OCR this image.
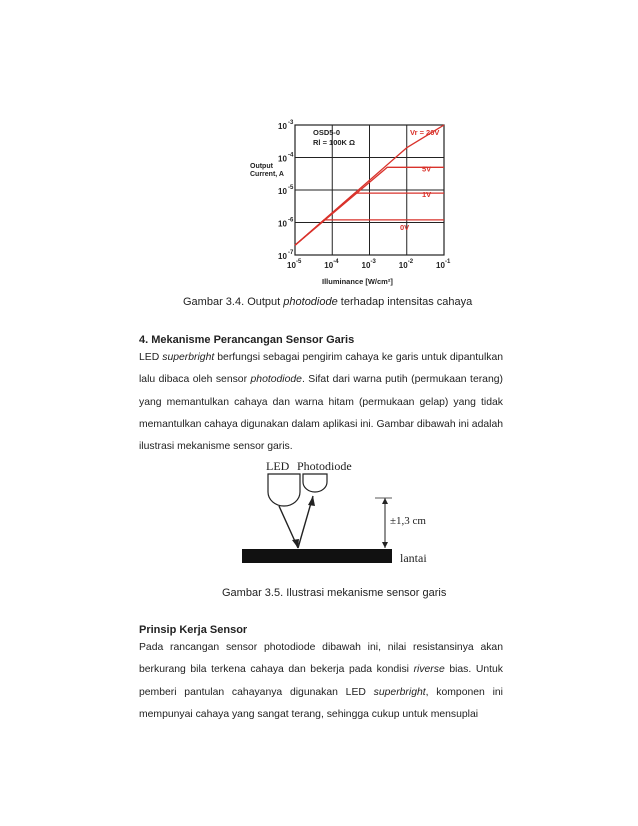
10 -5	10 -4	10 -3	10 -2	10 -1
10 -3
10 -4
10 -5
10 -6
10 -7
Vr = 20V
5V
1V
0V
OSD5-0
Rl = 100K Ω
Output
Current, A
Illuminance [W/cm²]
Gambar 3.4. Output photodiode terhadap intensitas cahaya
4. Mekanisme Perancangan Sensor Garis
LED superbright berfungsi sebagai pengirim cahaya ke garis untuk dipantulkan
lalu dibaca oleh sensor photodiode. Sifat dari warna putih (permukaan terang)
yang memantulkan cahaya dan warna hitam (permukaan gelap) yang tidak
memantulkan cahaya digunakan dalam aplikasi ini. Gambar dibawah ini adalah
ilustrasi mekanisme sensor garis.
LED Photodiode
±1,3 cm
lantai
Gambar 3.5. Ilustrasi mekanisme sensor garis
Prinsip Kerja Sensor
Pada rancangan sensor photodiode dibawah ini, nilai resistansinya akan
berkurang bila terkena cahaya dan bekerja pada kondisi riverse bias. Untuk
pemberi pantulan cahayanya digunakan LED superbright, komponen ini
mempunyai cahaya yang sangat terang, sehingga cukup untuk mensuplai
